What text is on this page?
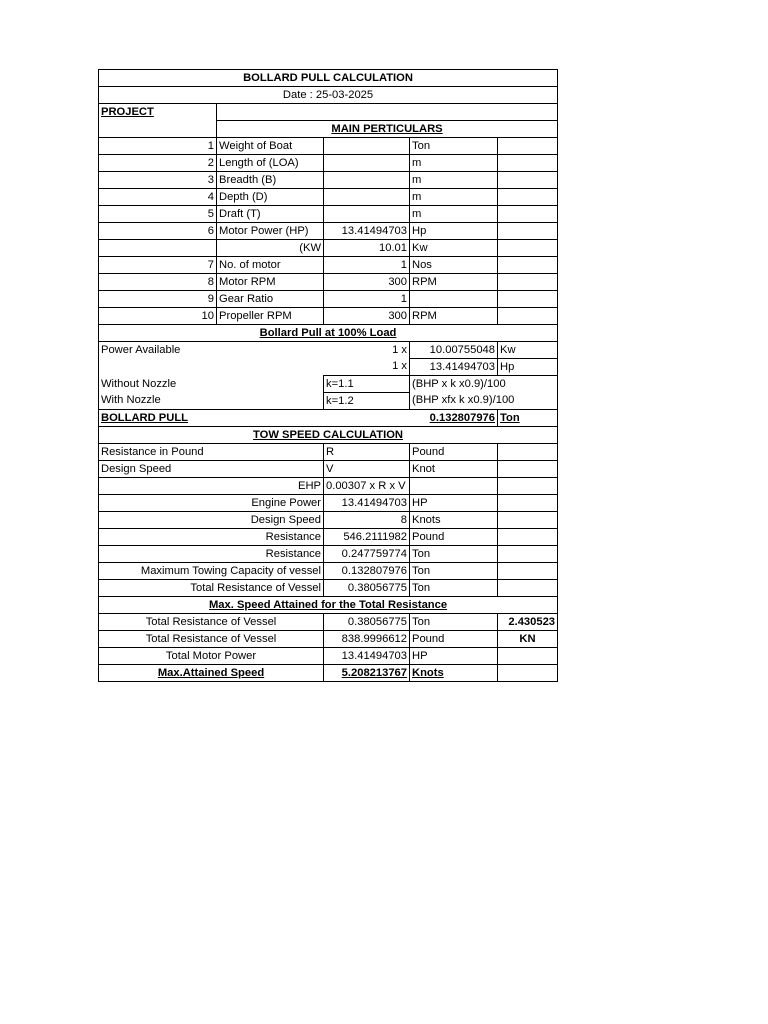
BOLLARD PULL CALCULATION				
Date : 25-03-2025				
PROJECT				
	MAIN PERTICULARS			
1	Weight of Boat		Ton	
2	Length of (LOA)		m	
3	Breadth (B)		m	
4	Depth (D)		m	
5	Draft (T)		m	
6	Motor Power (HP)	13.41494703	Hp	
	(KW	10.01	Kw	
7	No. of motor	1	Nos	
8	Motor RPM	300	RPM	
9	Gear Ratio	1		
10	Propeller RPM	300	RPM	
Bollard Pull at 100% Load				
Power Available		1 x	10.00755048	Kw
		1 x	13.41494703	Hp
Without Nozzle		k=1.1	(BHP x k x0.9)/100	
With Nozzle		k=1.2	(BHP xfx k x0.9)/100	
BOLLARD PULL			0.132807976	Ton
TOW SPEED CALCULATION				
Resistance in Pound		R	Pound	
Design Speed		V	Knot	
EHP		0.00307 x R x V		
Engine Power		13.41494703	HP	
Design Speed		8	Knots	
Resistance		546.2111982	Pound	
Resistance		0.247759774	Ton	
Maximum Towing Capacity of vessel		0.132807976	Ton	
Total Resistance of Vessel		0.38056775	Ton	
Max. Speed Attained for the Total Resistance				
Total Resistance of Vessel		0.38056775	Ton	2.430523
Total Resistance of Vessel		838.9996612	Pound	KN
Total Motor Power		13.41494703	HP	
Max.Attained Speed		5.208213767	Knots	
